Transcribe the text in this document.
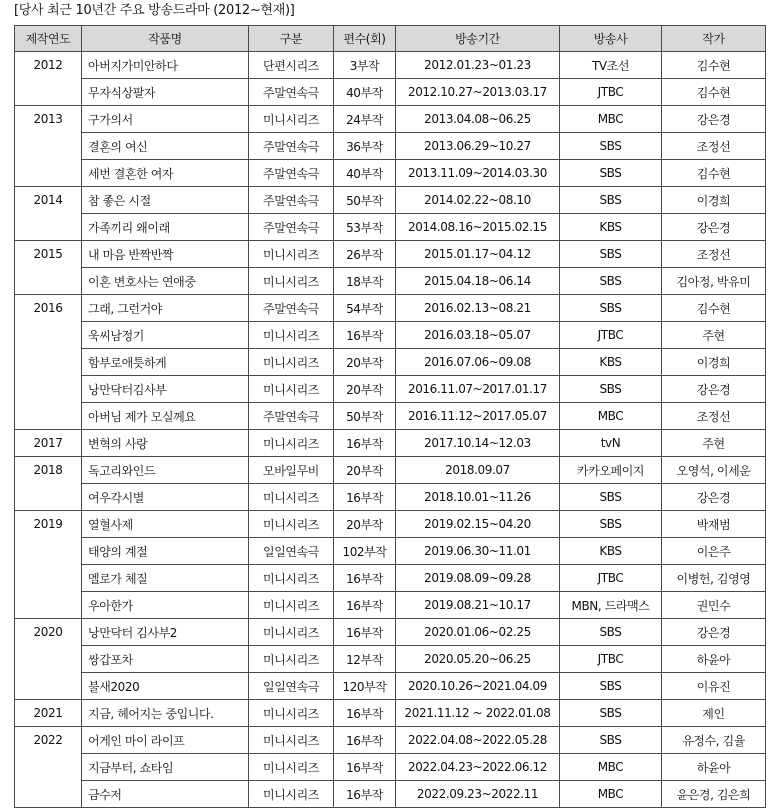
[당사 최근 10년간 주요 방송드라마 (2012~현재)]
제작연도	작품명	구분	편수(회)	방송기간	방송사	작가
2012	아버지가미안하다	단편시리즈	3부작	2012.01.23~01.23	TV조선	김수현
	무자식상팔자	주말연속극	40부작	2012.10.27~2013.03.17	JTBC	김수현
2013	구가의서	미니시리즈	24부작	2013.04.08~06.25	MBC	강은경
	결혼의 여신	주말연속극	36부작	2013.06.29~10.27	SBS	조정선
	세번 결혼한 여자	주말연속극	40부작	2013.11.09~2014.03.30	SBS	김수현
2014	참 좋은 시절	주말연속극	50부작	2014.02.22~08.10	SBS	이경희
	가족끼리 왜이래	주말연속극	53부작	2014.08.16~2015.02.15	KBS	강은경
2015	내 마음 반짝반짝	미니시리즈	26부작	2015.01.17~04.12	SBS	조정선
	이혼 변호사는 연애중	미니시리즈	18부작	2015.04.18~06.14	SBS	김아정, 박유미
2016	그래, 그런거야	주말연속극	54부작	2016.02.13~08.21	SBS	김수현
	욱씨남정기	미니시리즈	16부작	2016.03.18~05.07	JTBC	주현
	함부로애틋하게	미니시리즈	20부작	2016.07.06~09.08	KBS	이경희
	낭만닥터김사부	미니시리즈	20부작	2016.11.07~2017.01.17	SBS	강은경
	아버님 제가 모실께요	주말연속극	50부작	2016.11.12~2017.05.07	MBC	조정선
2017	변혁의 사랑	미니시리즈	16부작	2017.10.14~12.03	tvN	주현
2018	독고리와인드	모바일무비	20부작	2018.09.07	카카오페이지	오영석, 이세운
	여우각시별	미니시리즈	16부작	2018.10.01~11.26	SBS	강은경
2019	열혈사제	미니시리즈	20부작	2019.02.15~04.20	SBS	박재범
	태양의 계절	일일연속극	102부작	2019.06.30~11.01	KBS	이은주
	멜로가 체질	미니시리즈	16부작	2019.08.09~09.28	JTBC	이병헌, 김영영
	우아한가	미니시리즈	16부작	2019.08.21~10.17	MBN, 드라맥스	권민수
2020	낭만닥터 김사부2	미니시리즈	16부작	2020.01.06~02.25	SBS	강은경
	쌍갑포차	미니시리즈	12부작	2020.05.20~06.25	JTBC	하윤아
	불새2020	일일연속극	120부작	2020.10.26~2021.04.09	SBS	이유진
2021	지금, 헤어지는 중입니다.	미니시리즈	16부작	2021.11.12 ~ 2022.01.08	SBS	제인
2022	어게인 마이 라이프	미니시리즈	16부작	2022.04.08~2022.05.28	SBS	유정수, 김율
	지금부터, 쇼타임	미니시리즈	16부작	2022.04.23~2022.06.12	MBC	하윤아
	금수저	미니시리즈	16부작	2022.09.23~2022.11	MBC	윤은경, 김은희
